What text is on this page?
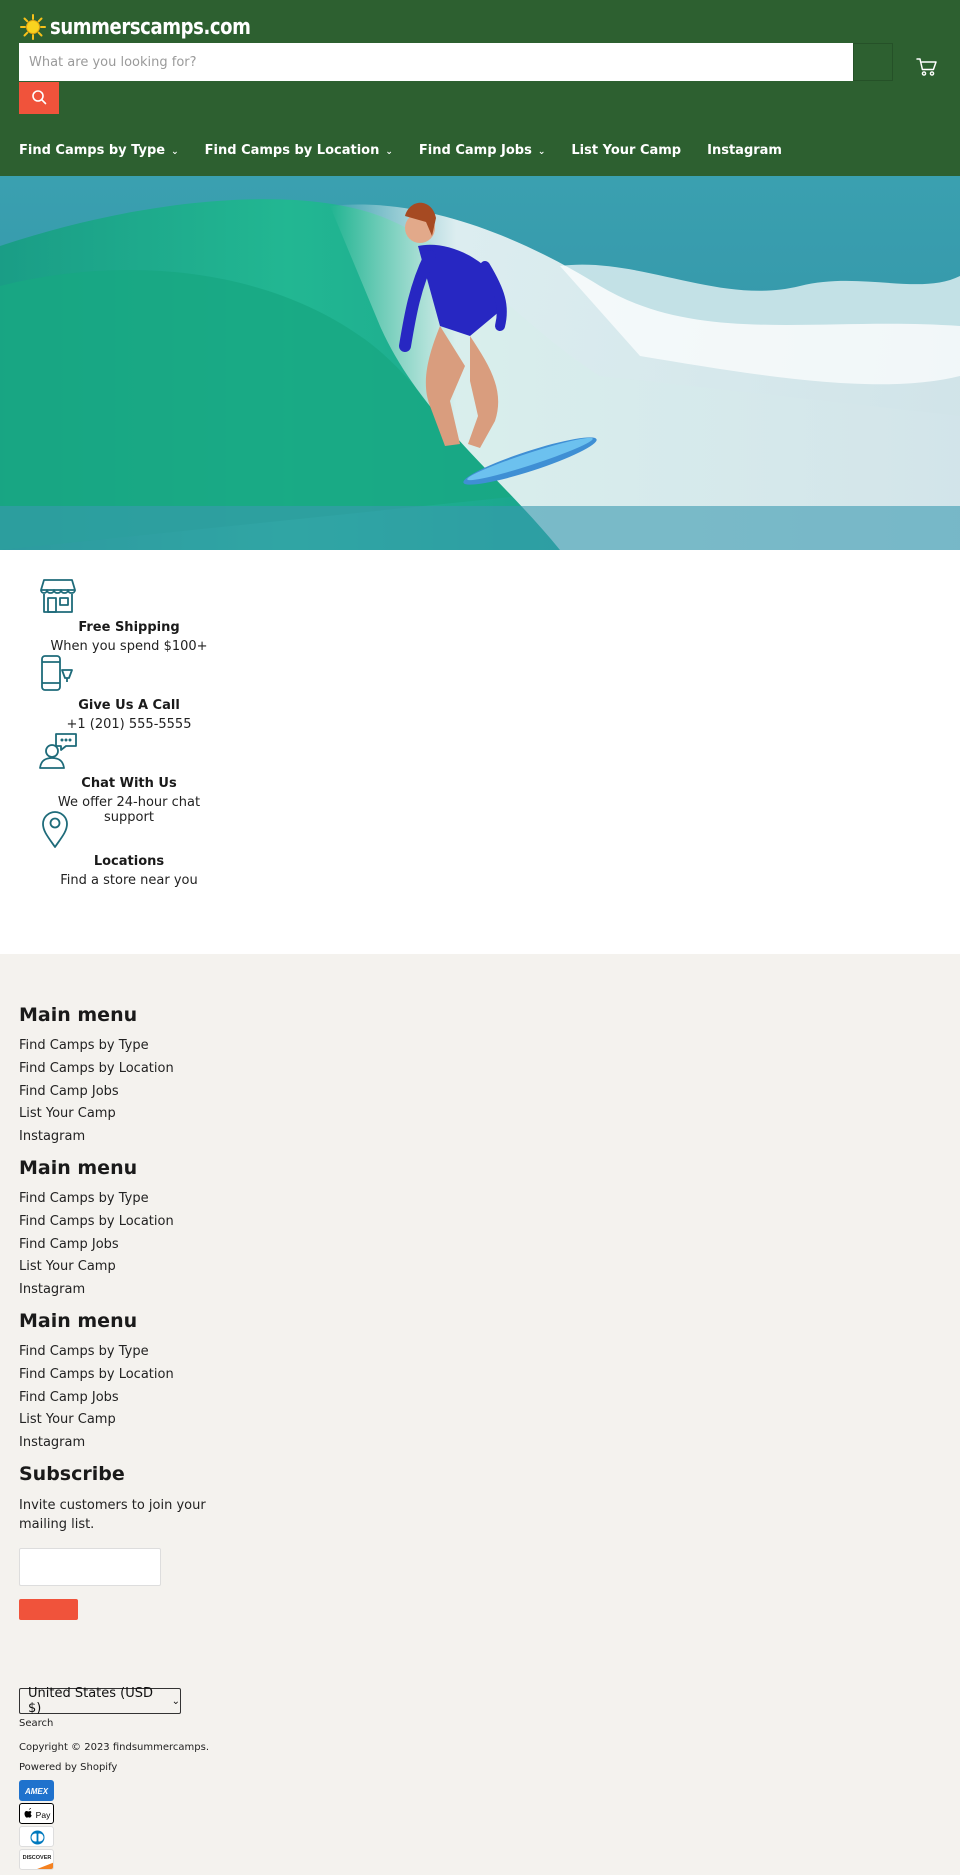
summerscamps.com
What are you looking for?
Find Camps by Type ⌄ Find Camps by Location ⌄ Find Camp Jobs ⌄ List Your Camp Instagram
Free Shipping
When you spend $100+
Give Us A Call
+1 (201) 555-5555
Chat With Us
We offer 24-hour chat support
Locations
Find a store near you
Main menu
Find Camps by Type
Find Camps by Location
Find Camp Jobs
List Your Camp
Instagram
Main menu
Find Camps by Type
Find Camps by Location
Find Camp Jobs
List Your Camp
Instagram
Main menu
Find Camps by Type
Find Camps by Location
Find Camp Jobs
List Your Camp
Instagram
Subscribe
Invite customers to join your mailing list.
United States (USD $)	⌄
Search
Copyright © 2023 findsummercamps.
Powered by Shopify
AMEX
Pay
DISCOVER
